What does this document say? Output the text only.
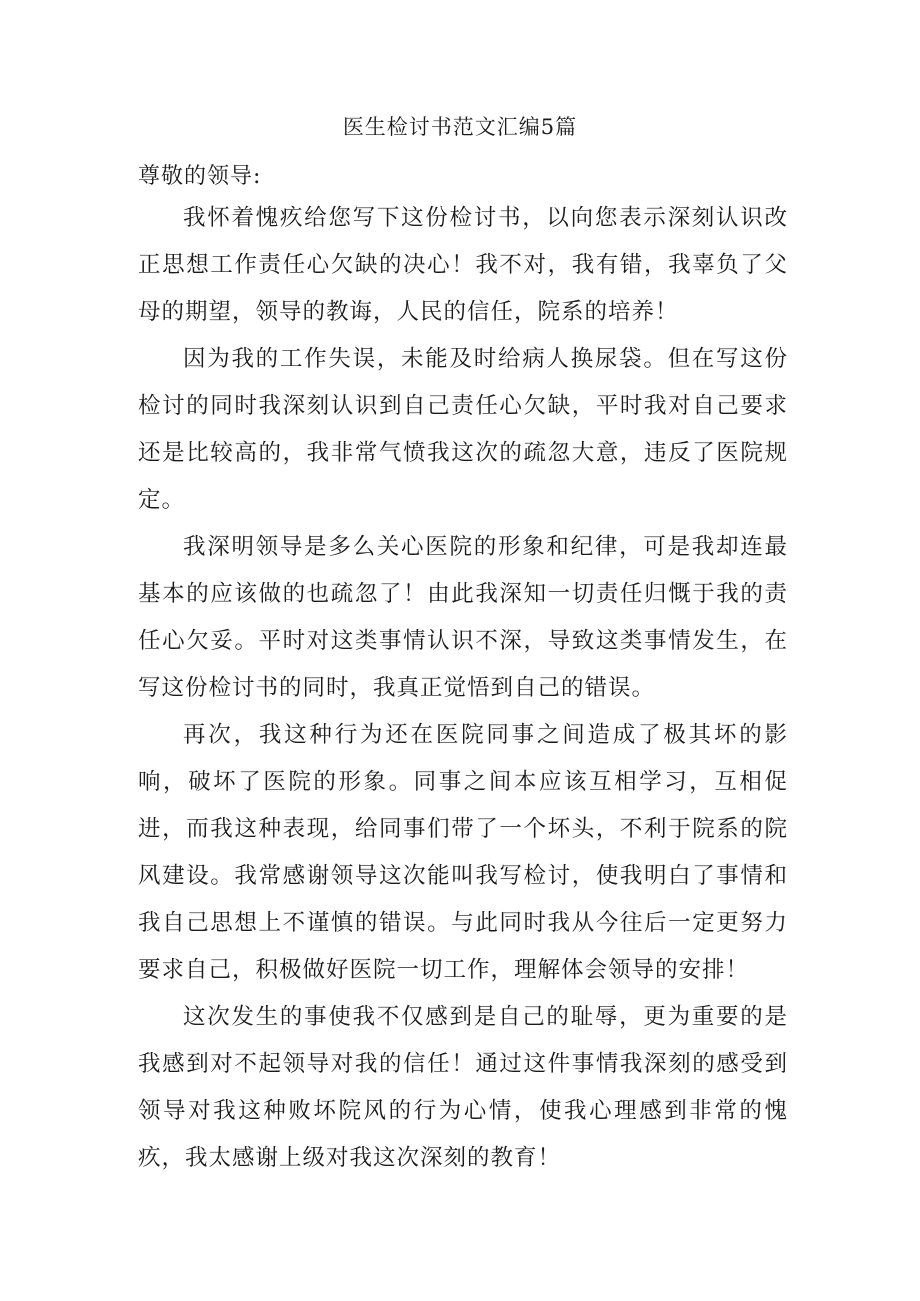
医生检讨书范文汇编5篇

尊敬的领导:

我怀着愧疚给您写下这份检讨书，以向您表示深刻认识改正思想工作责任心欠缺的决心！我不对，我有错，我辜负了父母的期望，领导的教诲，人民的信任，院系的培养！

因为我的工作失误，未能及时给病人换尿袋。但在写这份检讨的同时我深刻认识到自己责任心欠缺，平时我对自己要求还是比较高的，我非常气愤我这次的疏忽大意，违反了医院规定。

我深明领导是多么关心医院的形象和纪律，可是我却连最基本的应该做的也疏忽了！由此我深知一切责任归慨于我的责任心欠妥。平时对这类事情认识不深，导致这类事情发生，在写这份检讨书的同时，我真正觉悟到自己的错误。

再次，我这种行为还在医院同事之间造成了极其坏的影响，破坏了医院的形象。同事之间本应该互相学习，互相促进，而我这种表现，给同事们带了一个坏头，不利于院系的院风建设。我常感谢领导这次能叫我写检讨，使我明白了事情和我自己思想上不谨慎的错误。与此同时我从今往后一定更努力要求自己，积极做好医院一切工作，理解体会领导的安排！

这次发生的事使我不仅感到是自己的耻辱，更为重要的是我感到对不起领导对我的信任！通过这件事情我深刻的感受到领导对我这种败坏院风的行为心情，使我心理感到非常的愧疚，我太感谢上级对我这次深刻的教育！
